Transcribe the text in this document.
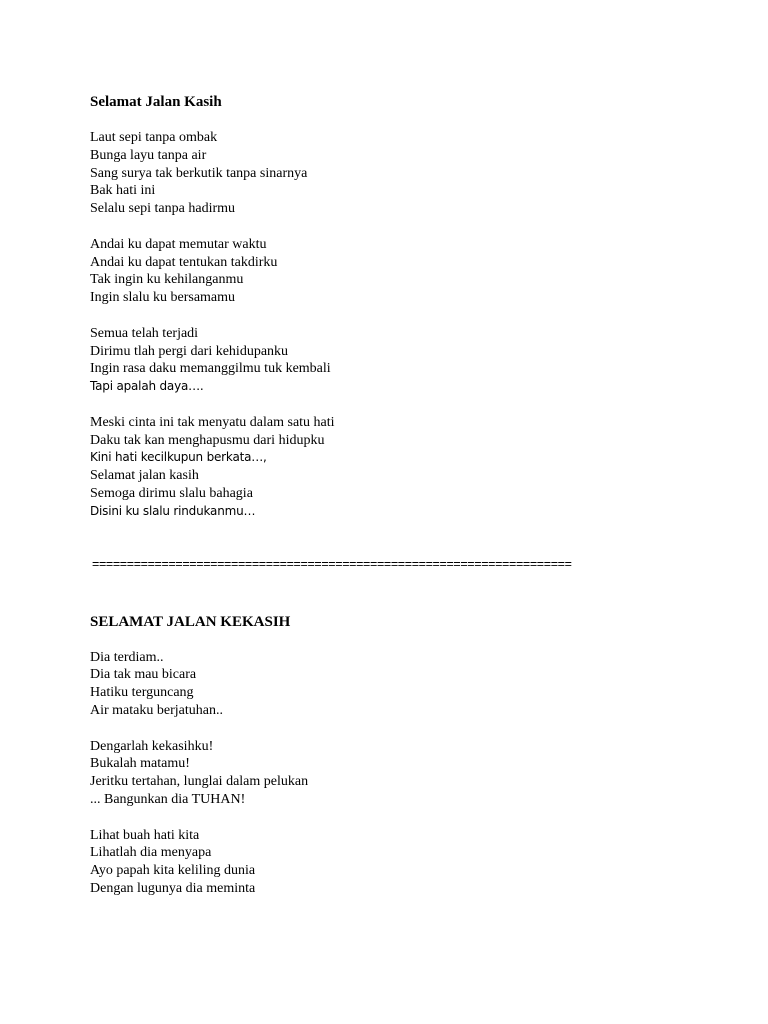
Selamat Jalan Kasih
Laut sepi tanpa ombak
Bunga layu tanpa air
Sang surya tak berkutik tanpa sinarnya
Bak hati ini
Selalu sepi tanpa hadirmu
Andai ku dapat memutar waktu
Andai ku dapat tentukan takdirku
Tak ingin ku kehilanganmu
Ingin slalu ku bersamamu
Semua telah terjadi
Dirimu tlah pergi dari kehidupanku
Ingin rasa daku memanggilmu tuk kembali
Tapi apalah daya….
Meski cinta ini tak menyatu dalam satu hati
Daku tak kan menghapusmu dari hidupku
Kini hati kecilkupun berkata…,
Selamat jalan kasih
Semoga dirimu slalu bahagia
Disini ku slalu rindukanmu…
=====================================================================
SELAMAT JALAN KEKASIH
Dia terdiam..
Dia tak mau bicara
Hatiku terguncang
Air mataku berjatuhan..
Dengarlah kekasihku!
Bukalah matamu!
Jeritku tertahan, lunglai dalam pelukan
... Bangunkan dia TUHAN!
Lihat buah hati kita
Lihatlah dia menyapa
Ayo papah kita keliling dunia
Dengan lugunya dia meminta
